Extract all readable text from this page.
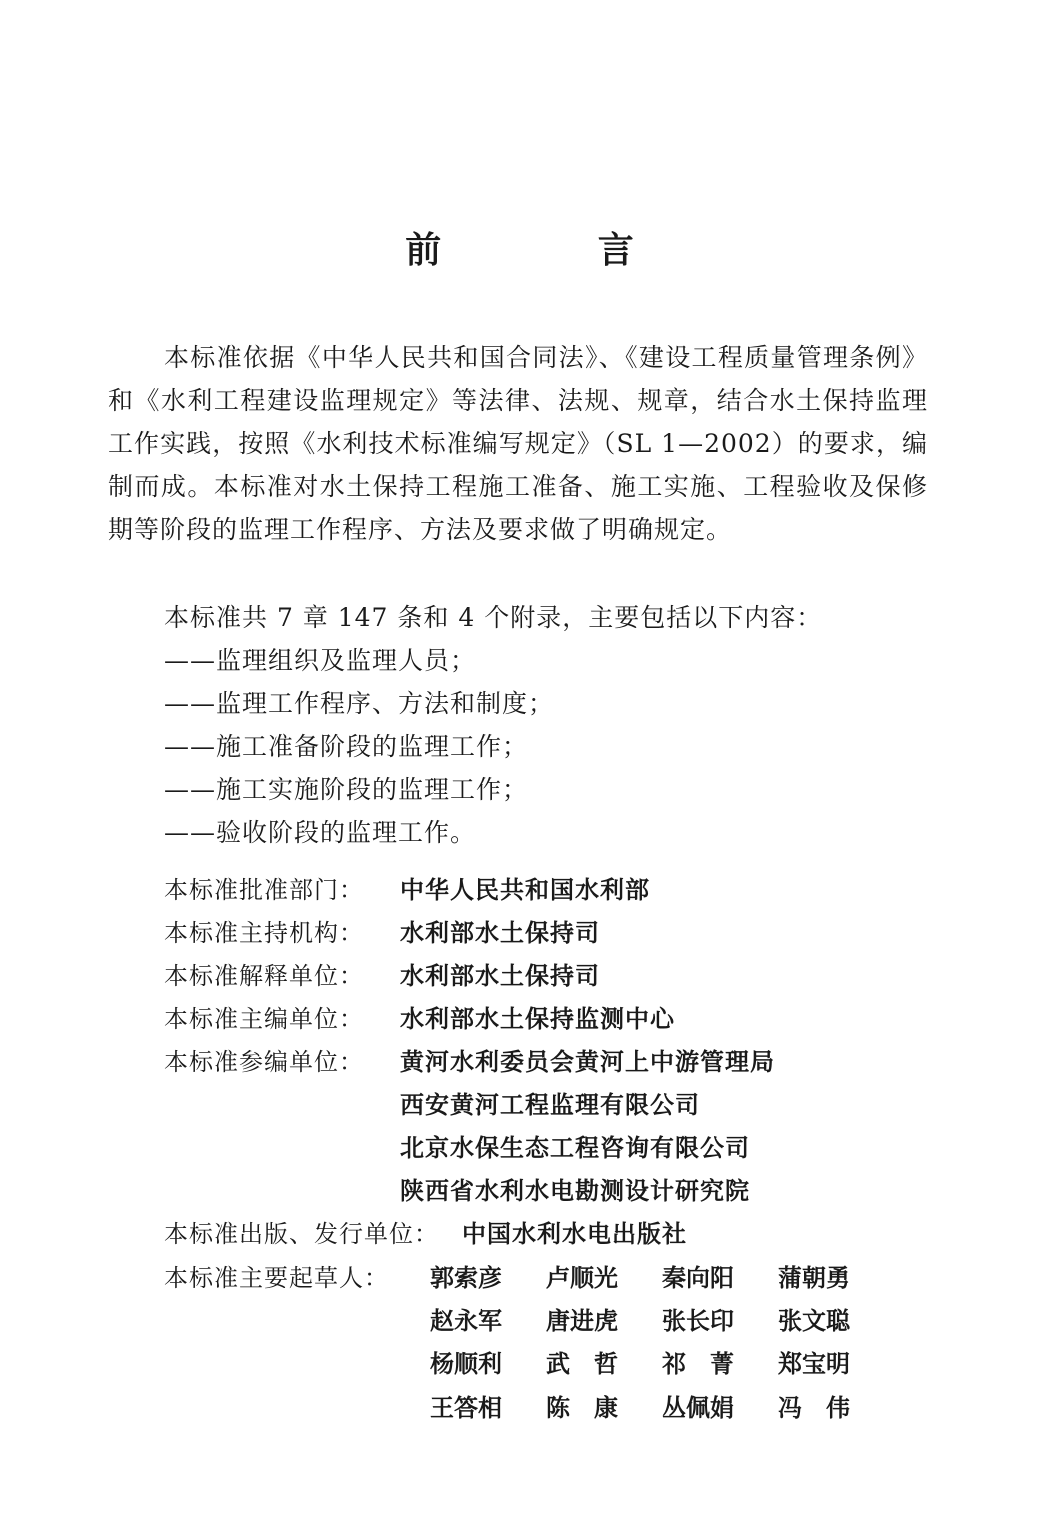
前 言

本标准依据《中华人民共和国合同法》、《建设工程质量管理条例》和《水利工程建设监理规定》等法律、法规、规章，结合水土保持监理工作实践，按照《水利技术标准编写规定》（SL 1—2002）的要求，编制而成。本标准对水土保持工程施工准备、施工实施、工程验收及保修期等阶段的监理工作程序、方法及要求做了明确规定。

本标准共 7 章 147 条和 4 个附录，主要包括以下内容：
——监理组织及监理人员；
——监理工作程序、方法和制度；
——施工准备阶段的监理工作；
——施工实施阶段的监理工作；
——验收阶段的监理工作。
本标准批准部门： 中华人民共和国水利部
本标准主持机构： 水利部水土保持司
本标准解释单位： 水利部水土保持司
本标准主编单位： 水利部水土保持监测中心
本标准参编单位： 黄河水利委员会黄河上中游管理局
西安黄河工程监理有限公司
北京水保生态工程咨询有限公司
陕西省水利水电勘测设计研究院
本标准出版、发行单位： 中国水利水电出版社
本标准主要起草人： 郭索彦	卢顺光	秦向阳	蒲朝勇
赵永军	唐进虎	张长印	张文聪
杨顺利	武　哲	祁　菁	郑宝明
王答相	陈　康	丛佩娟	冯　伟
